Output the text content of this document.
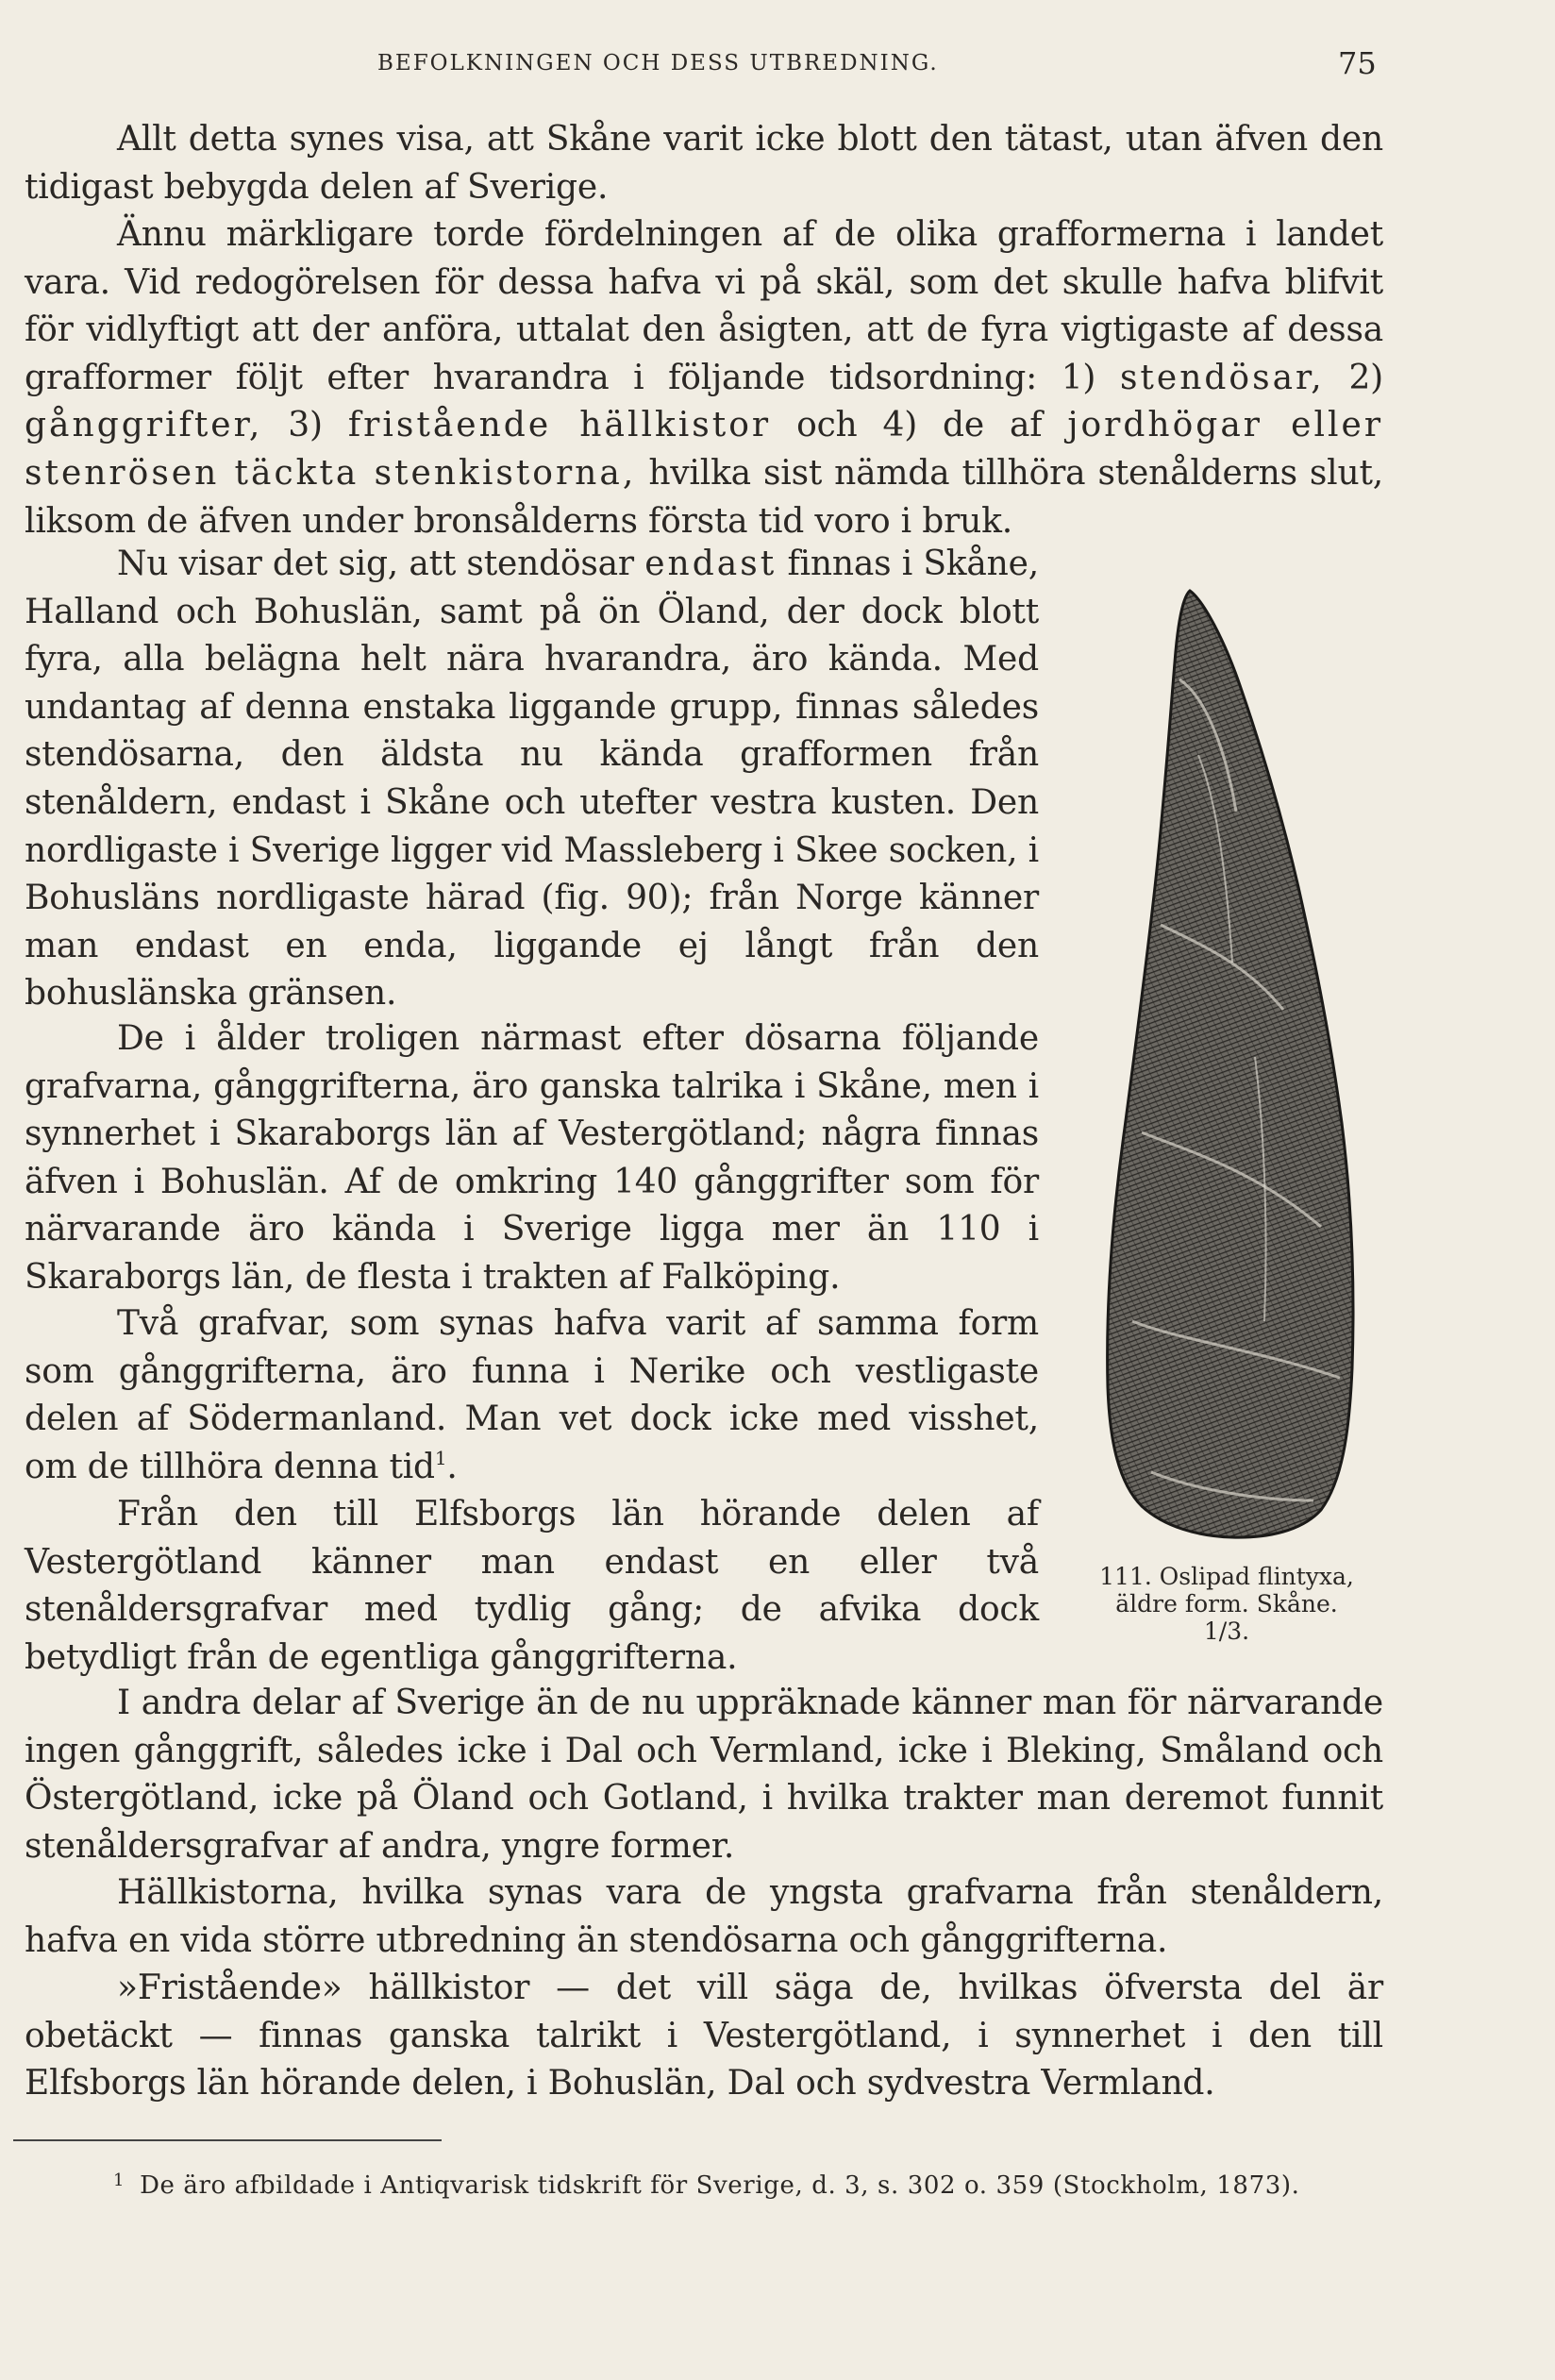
BEFOLKNINGEN OCH DESS UTBREDNING.	75

Allt detta synes visa, att Skåne varit icke blott den tätast, utan äfven den tidigast bebygda delen af Sverige.

Ännu märkligare torde fördelningen af de olika grafformerna i landet vara. Vid redogörelsen för dessa hafva vi på skäl, som det skulle hafva blifvit för vidlyftigt att der anföra, uttalat den åsigten, att de fyra vigtigaste af dessa grafformer följt efter hvarandra i följande tidsordning: 1) stendösar, 2) gånggrifter, 3) fristående hällkistor och 4) de af jordhögar eller stenrösen täckta stenkistorna, hvilka sist nämda tillhöra stenålderns slut, liksom de äfven under bronsålderns första tid voro i bruk.

Nu visar det sig, att stendösar endast finnas i Skåne, Halland och Bohuslän, samt på ön Öland, der dock blott fyra, alla belägna helt nära hvarandra, äro kända. Med undantag af denna enstaka liggande grupp, finnas således stendösarna, den äldsta nu kända grafformen från stenåldern, endast i Skåne och utefter vestra kusten. Den nordligaste i Sverige ligger vid Massleberg i Skee socken, i Bohusläns nordligaste härad (fig. 90); från Norge känner man endast en enda, liggande ej långt från den bohuslänska gränsen.

De i ålder troligen närmast efter dösarna följande grafvarna, gånggrifterna, äro ganska talrika i Skåne, men i synnerhet i Skaraborgs län af Vestergötland; några finnas äfven i Bohuslän. Af de omkring 140 gånggrifter som för närvarande äro kända i Sverige ligga mer än 110 i Skaraborgs län, de flesta i trakten af Falköping.

Två grafvar, som synas hafva varit af samma form som gånggrifterna, äro funna i Nerike och vestligaste delen af Södermanland. Man vet dock icke med visshet, om de tillhöra denna tid$^1$.

Från den till Elfsborgs län hörande delen af Vestergötland känner man endast en eller två stenåldersgrafvar med tydlig gång; de afvika dock betydligt från de egentliga gånggrifterna.

I andra delar af Sverige än de nu uppräknade känner man för närvarande ingen gånggrift, således icke i Dal och Vermland, icke i Bleking, Småland och Östergötland, icke på Öland och Gotland, i hvilka trakter man deremot funnit stenåldersgrafvar af andra, yngre former.

Hällkistorna, hvilka synas vara de yngsta grafvarna från stenåldern, hafva en vida större utbredning än stendösarna och gånggrifterna.

»Fristående» hällkistor — det vill säga de, hvilkas öfversta del är obetäckt — finnas ganska talrikt i Vestergötland, i synnerhet i den till Elfsborgs län hörande delen, i Bohuslän, Dal och sydvestra Vermland.

111. Oslipad flintyxa,
äldre form. Skåne.
1/3.
$^1$ De äro afbildade i Antiqvarisk tidskrift för Sverige, d. 3, s. 302 o. 359 (Stockholm, 1873).
